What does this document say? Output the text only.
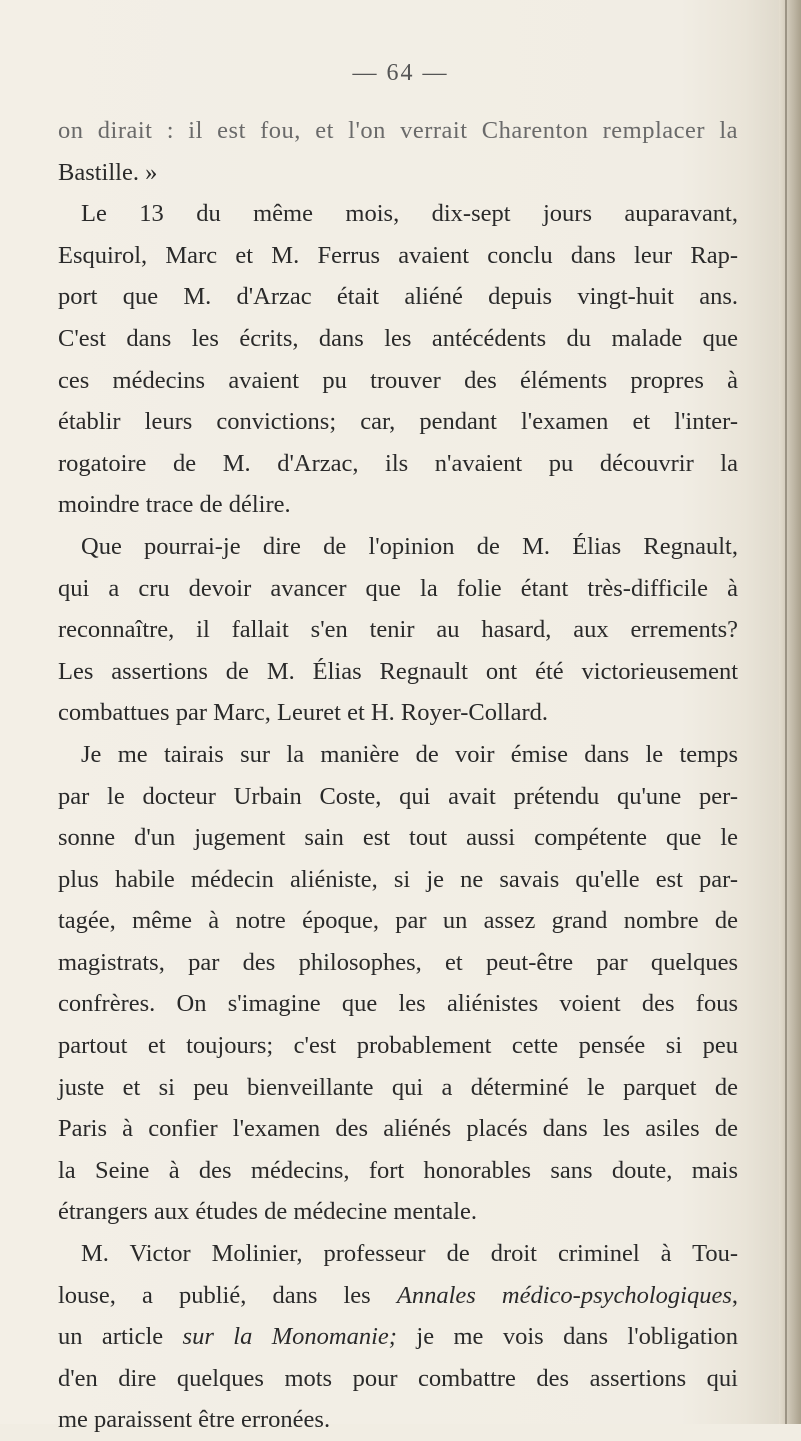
— 64 —
on dirait : il est fou, et l'on verrait Charenton remplacer la
Bastille. »
Le 13 du même mois, dix-sept jours auparavant,
Esquirol, Marc et M. Ferrus avaient conclu dans leur Rap-
port que M. d'Arzac était aliéné depuis vingt-huit ans.
C'est dans les écrits, dans les antécédents du malade que
ces médecins avaient pu trouver des éléments propres à
établir leurs convictions; car, pendant l'examen et l'inter-
rogatoire de M. d'Arzac, ils n'avaient pu découvrir la
moindre trace de délire.
Que pourrai-je dire de l'opinion de M. Élias Regnault,
qui a cru devoir avancer que la folie étant très-difficile à
reconnaître, il fallait s'en tenir au hasard, aux errements?
Les assertions de M. Élias Regnault ont été victorieusement
combattues par Marc, Leuret et H. Royer-Collard.
Je me tairais sur la manière de voir émise dans le temps
par le docteur Urbain Coste, qui avait prétendu qu'une per-
sonne d'un jugement sain est tout aussi compétente que le
plus habile médecin aliéniste, si je ne savais qu'elle est par-
tagée, même à notre époque, par un assez grand nombre de
magistrats, par des philosophes, et peut-être par quelques
confrères. On s'imagine que les aliénistes voient des fous
partout et toujours; c'est probablement cette pensée si peu
juste et si peu bienveillante qui a déterminé le parquet de
Paris à confier l'examen des aliénés placés dans les asiles de
la Seine à des médecins, fort honorables sans doute, mais
étrangers aux études de médecine mentale.
M. Victor Molinier, professeur de droit criminel à Tou-
louse, a publié, dans les Annales médico-psychologiques,
un article sur la Monomanie; je me vois dans l'obligation
d'en dire quelques mots pour combattre des assertions qui
me paraissent être erronées.
